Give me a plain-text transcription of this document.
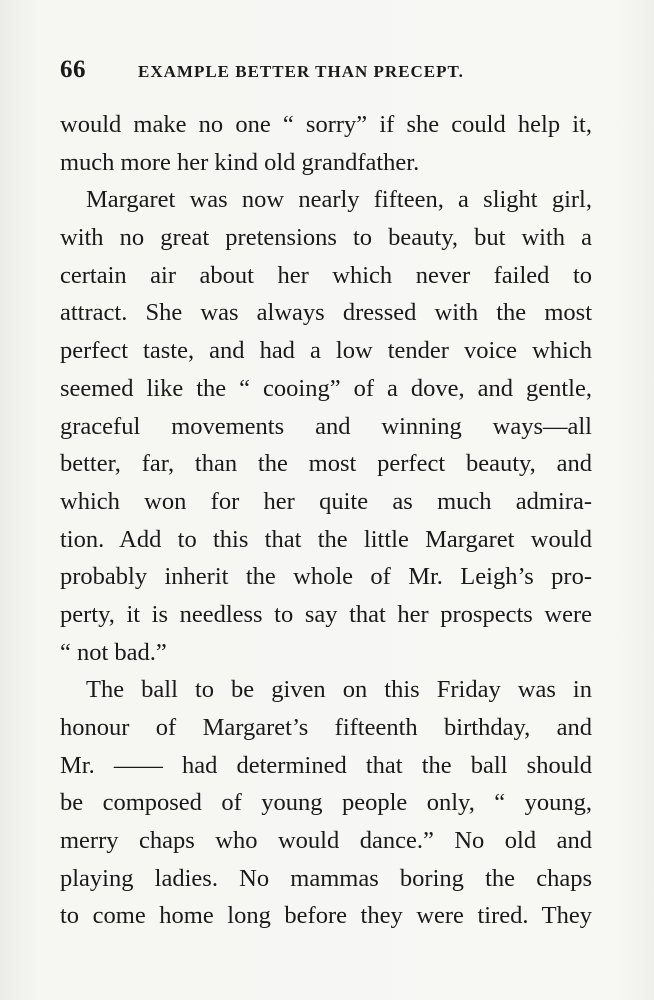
66	EXAMPLE BETTER THAN PRECEPT.
would make no one “ sorry” if she could help it,
much more her kind old grandfather.
Margaret was now nearly fifteen, a slight girl,
with no great pretensions to beauty, but with a
certain air about her which never failed to
attract. She was always dressed with the most
perfect taste, and had a low tender voice which
seemed like the “ cooing” of a dove, and gentle,
graceful movements and winning ways—all
better, far, than the most perfect beauty, and
which won for her quite as much admira-
tion. Add to this that the little Margaret would
probably inherit the whole of Mr. Leigh’s pro-
perty, it is needless to say that her prospects were
“ not bad.”
The ball to be given on this Friday was in
honour of Margaret’s fifteenth birthday, and
Mr. —— had determined that the ball should
be composed of young people only, “ young,
merry chaps who would dance.” No old and
playing ladies. No mammas boring the chaps
to come home long before they were tired. They
